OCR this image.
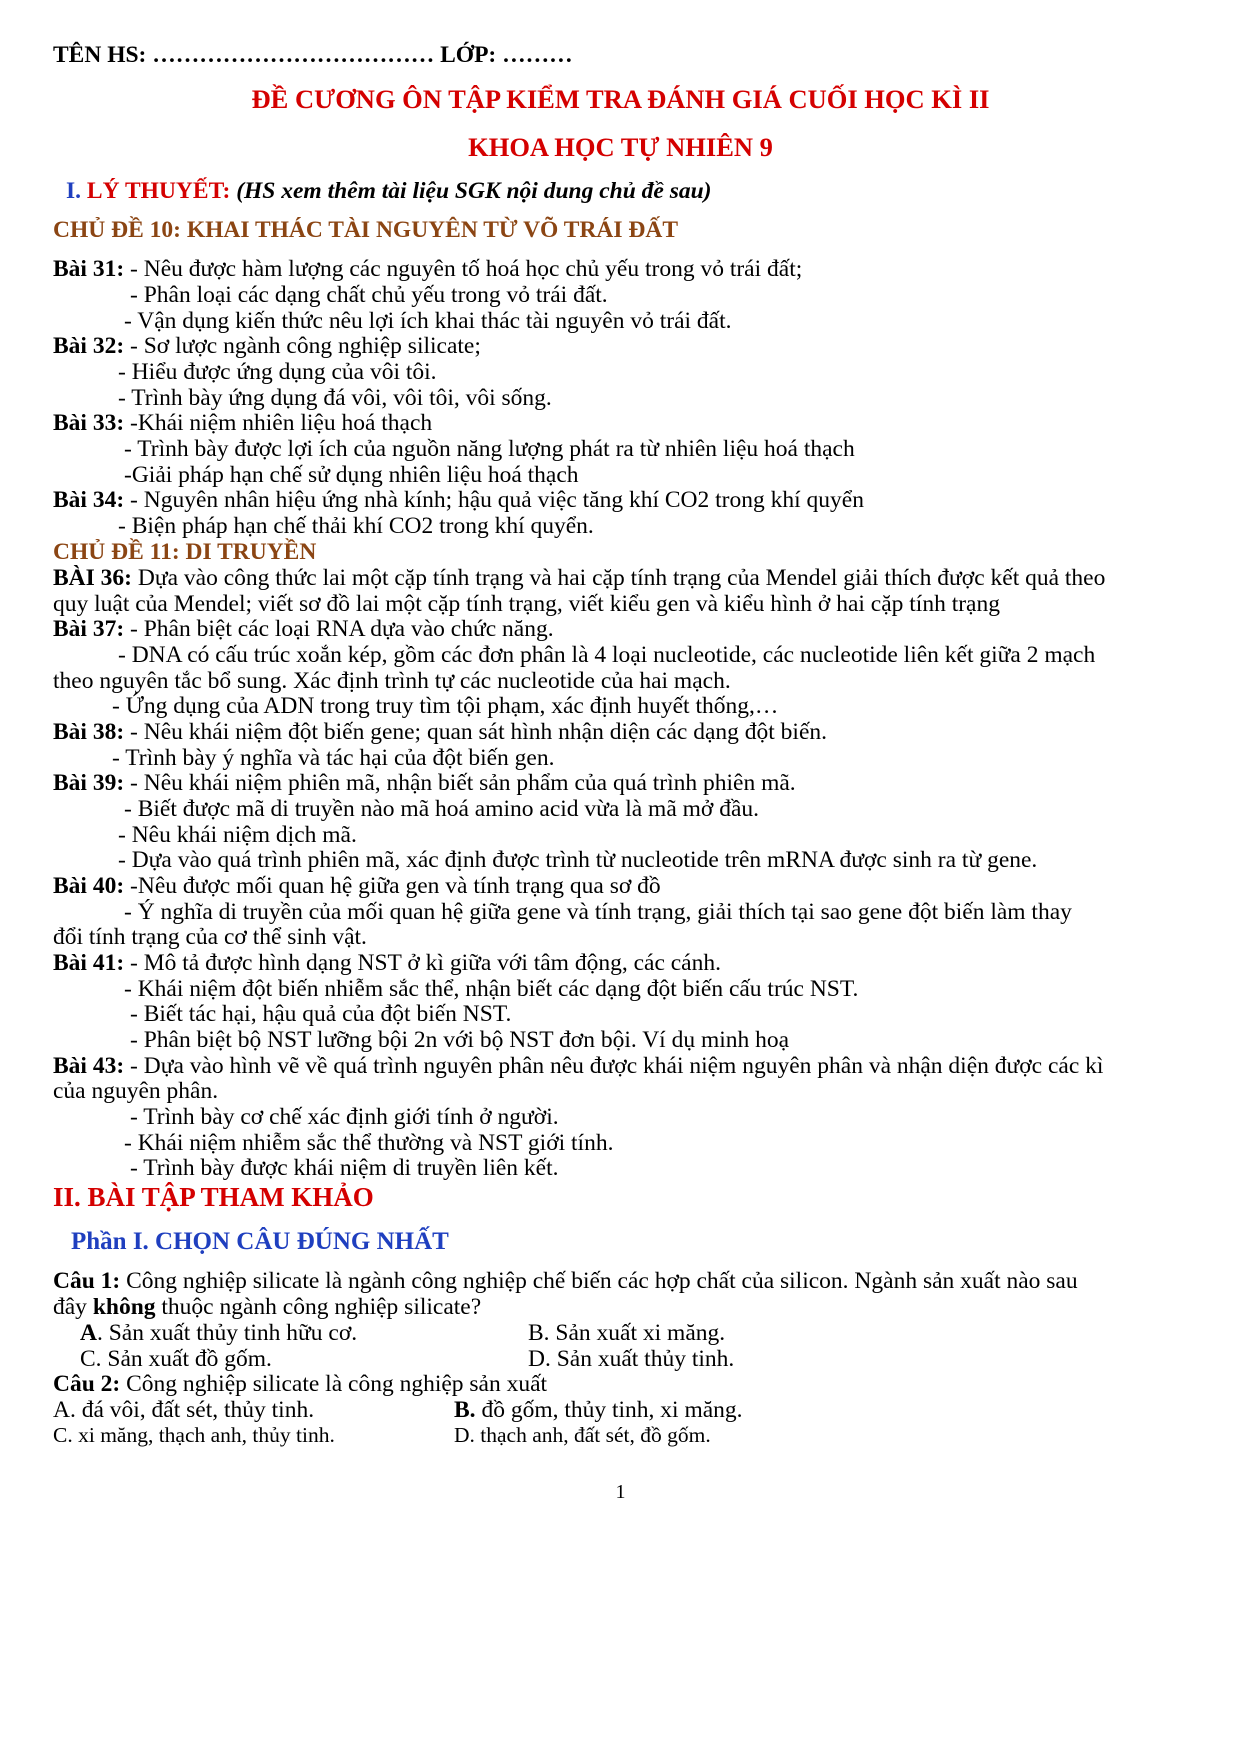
TÊN HS: ……………………………… LỚP: ………
ĐỀ CƯƠNG ÔN TẬP KIỂM TRA ĐÁNH GIÁ CUỐI HỌC KÌ II
KHOA HỌC TỰ NHIÊN 9
I. LÝ THUYẾT: (HS xem thêm tài liệu SGK nội dung chủ đề sau)
CHỦ ĐỀ 10: KHAI THÁC TÀI NGUYÊN TỪ VÕ TRÁI ĐẤT
Bài 31: - Nêu được hàm lượng các nguyên tố hoá học chủ yếu trong vỏ trái đất;
- Phân loại các dạng chất chủ yếu trong vỏ trái đất.
- Vận dụng kiến thức nêu lợi ích khai thác tài nguyên vỏ trái đất.
Bài 32: - Sơ lược ngành công nghiệp silicate;
- Hiểu được ứng dụng của vôi tôi.
- Trình bày ứng dụng đá vôi, vôi tôi, vôi sống.
Bài 33: -Khái niệm nhiên liệu hoá thạch
- Trình bày được lợi ích của nguồn năng lượng phát ra từ nhiên liệu hoá thạch
-Giải pháp hạn chế sử dụng nhiên liệu hoá thạch
Bài 34: - Nguyên nhân hiệu ứng nhà kính; hậu quả việc tăng khí CO2 trong khí quyển
- Biện pháp hạn chế thải khí CO2 trong khí quyển.
CHỦ ĐỀ 11: DI TRUYỀN
BÀI 36: Dựa vào công thức lai một cặp tính trạng và hai cặp tính trạng của Mendel giải thích được kết quả theo
quy luật của Mendel; viết sơ đồ lai một cặp tính trạng, viết kiểu gen và kiểu hình ở hai cặp tính trạng
Bài 37: - Phân biệt các loại RNA dựa vào chức năng.
- DNA có cấu trúc xoắn kép, gồm các đơn phân là 4 loại nucleotide, các nucleotide liên kết giữa 2 mạch
theo nguyên tắc bổ sung. Xác định trình tự các nucleotide của hai mạch.
- Ứng dụng của ADN trong truy tìm tội phạm, xác định huyết thống,…
Bài 38: - Nêu khái niệm đột biến gene; quan sát hình nhận diện các dạng đột biến.
- Trình bày ý nghĩa và tác hại của đột biến gen.
Bài 39: - Nêu khái niệm phiên mã, nhận biết sản phẩm của quá trình phiên mã.
- Biết được mã di truyền nào mã hoá amino acid vừa là mã mở đầu.
- Nêu khái niệm dịch mã.
- Dựa vào quá trình phiên mã, xác định được trình từ nucleotide trên mRNA được sinh ra từ gene.
Bài 40: -Nêu được mối quan hệ giữa gen và tính trạng qua sơ đồ
- Ý nghĩa di truyền của mối quan hệ giữa gene và tính trạng, giải thích tại sao gene đột biến làm thay
đổi tính trạng của cơ thể sinh vật.
Bài 41: - Mô tả được hình dạng NST ở kì giữa với tâm động, các cánh.
- Khái niệm đột biến nhiễm sắc thể, nhận biết các dạng đột biến cấu trúc NST.
- Biết tác hại, hậu quả của đột biến NST.
- Phân biệt bộ NST lưỡng bội 2n với bộ NST đơn bội. Ví dụ minh hoạ
Bài 43: - Dựa vào hình vẽ về quá trình nguyên phân nêu được khái niệm nguyên phân và nhận diện được các kì
của nguyên phân.
- Trình bày cơ chế xác định giới tính ở người.
- Khái niệm nhiễm sắc thể thường và NST giới tính.
- Trình bày được khái niệm di truyền liên kết.
II. BÀI TẬP THAM KHẢO
Phần I. CHỌN CÂU ĐÚNG NHẤT
Câu 1: Công nghiệp silicate là ngành công nghiệp chế biến các hợp chất của silicon. Ngành sản xuất nào sau
đây không thuộc ngành công nghiệp silicate?
A. Sản xuất thủy tinh hữu cơ.	B. Sản xuất xi măng.
C. Sản xuất đồ gốm.	D. Sản xuất thủy tinh.
Câu 2: Công nghiệp silicate là công nghiệp sản xuất
A. đá vôi, đất sét, thủy tinh.	B. đồ gốm, thủy tinh, xi măng.
C. xi măng, thạch anh, thủy tinh.	D. thạch anh, đất sét, đồ gốm.
1
